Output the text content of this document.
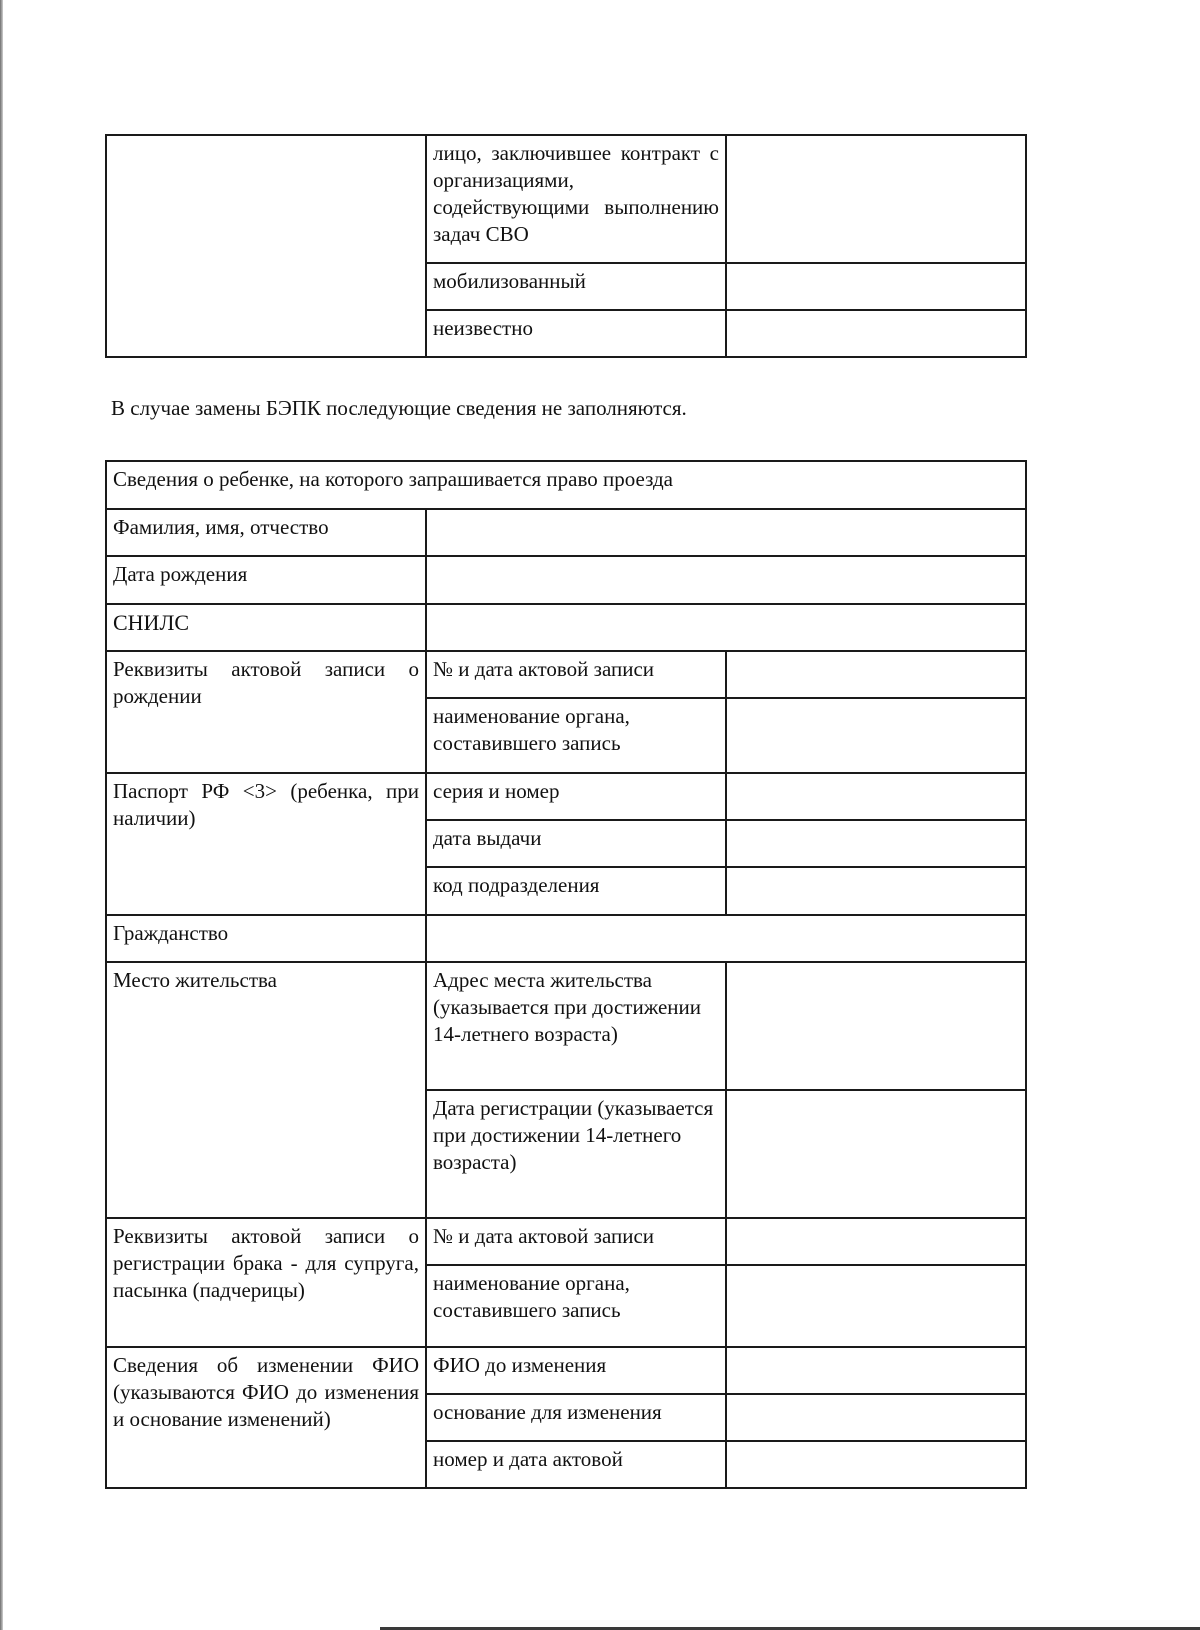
	лицо, заключившее контракт с организациями, содействующими выполнению задач СВО	

	мобилизованный	

	неизвестно	

В случае замены БЭПК последующие сведения не заполняются.
Сведения о ребенке, на которого запрашивается право проезда		

Фамилия, имя, отчество		

Дата рождения		

СНИЛС		

Реквизиты актовой записи о рождении	№ и дата актовой записи	

	наименование органа, составившего запись	

Паспорт РФ <3> (ребенка, при наличии)	серия и номер	

	дата выдачи	

	код подразделения	

Гражданство		

Место жительства	Адрес места жительства (указывается при достижении 14-летнего возраста)	

	Дата регистрации (указывается при достижении 14-летнего возраста)	

Реквизиты актовой записи о регистрации брака - для супруга, пасынка (падчерицы)	№ и дата актовой записи	

	наименование органа, составившего запись	

Сведения об изменении ФИО (указываются ФИО до изменения и основание изменений)	ФИО до изменения	

	основание для изменения	

	номер и дата актовой	
